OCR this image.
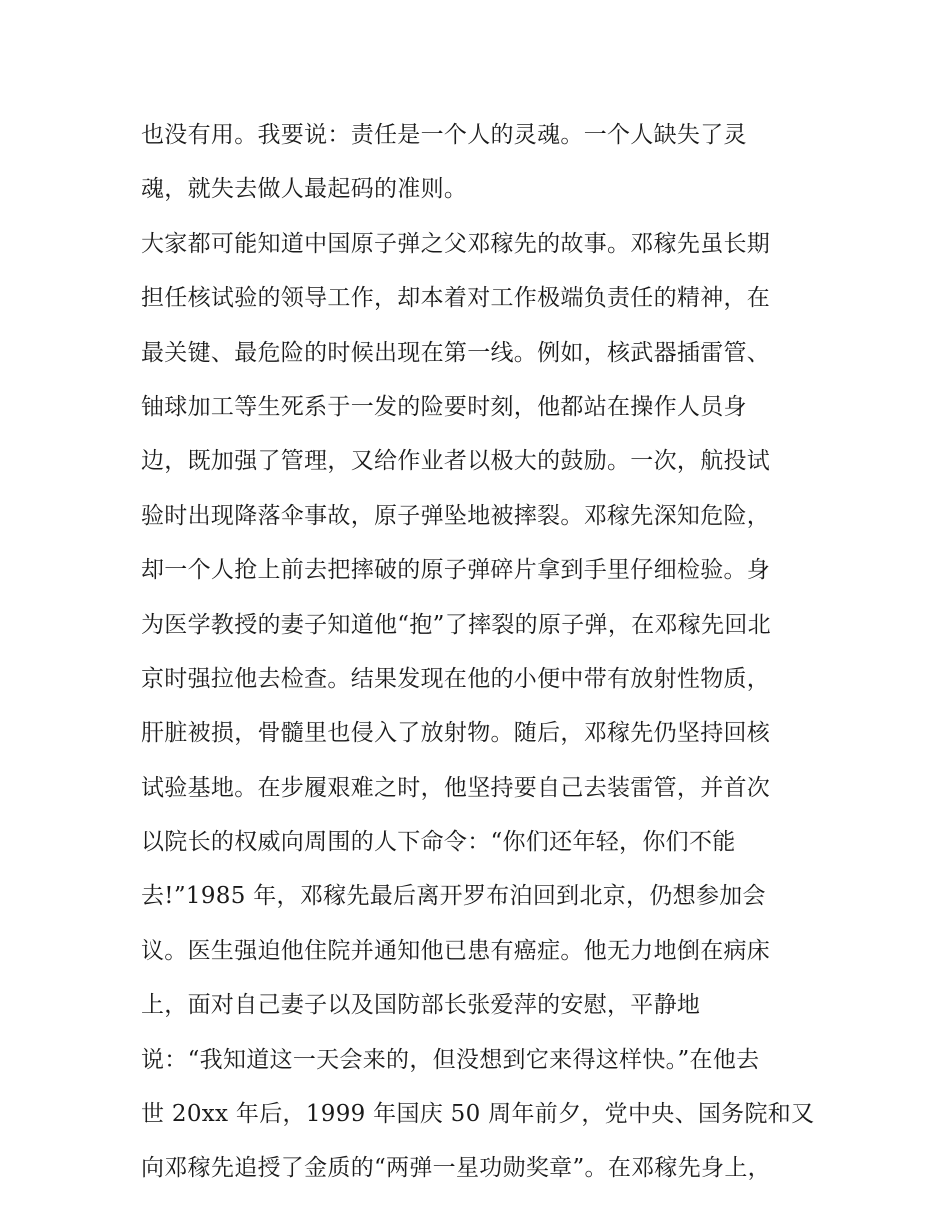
也没有用。我要说：责任是一个人的灵魂。一个人缺失了灵
魂，就失去做人最起码的准则。
大家都可能知道中国原子弹之父邓稼先的故事。邓稼先虽长期
担任核试验的领导工作，却本着对工作极端负责任的精神，在
最关键、最危险的时候出现在第一线。例如，核武器插雷管、
铀球加工等生死系于一发的险要时刻，他都站在操作人员身
边，既加强了管理，又给作业者以极大的鼓励。一次，航投试
验时出现降落伞事故，原子弹坠地被摔裂。邓稼先深知危险，
却一个人抢上前去把摔破的原子弹碎片拿到手里仔细检验。身
为医学教授的妻子知道他“抱”了摔裂的原子弹，在邓稼先回北
京时强拉他去检查。结果发现在他的小便中带有放射性物质，
肝脏被损，骨髓里也侵入了放射物。随后，邓稼先仍坚持回核
试验基地。在步履艰难之时，他坚持要自己去装雷管，并首次
以院长的权威向周围的人下命令：“你们还年轻，你们不能
去!”1985 年，邓稼先最后离开罗布泊回到北京，仍想参加会
议。医生强迫他住院并通知他已患有癌症。他无力地倒在病床
上，面对自己妻子以及国防部长张爱萍的安慰，平静地
说：“我知道这一天会来的，但没想到它来得这样快。”在他去
世 20xx 年后，1999 年国庆 50 周年前夕，党中央、国务院和又
向邓稼先追授了金质的“两弹一星功勋奖章”。在邓稼先身上，
